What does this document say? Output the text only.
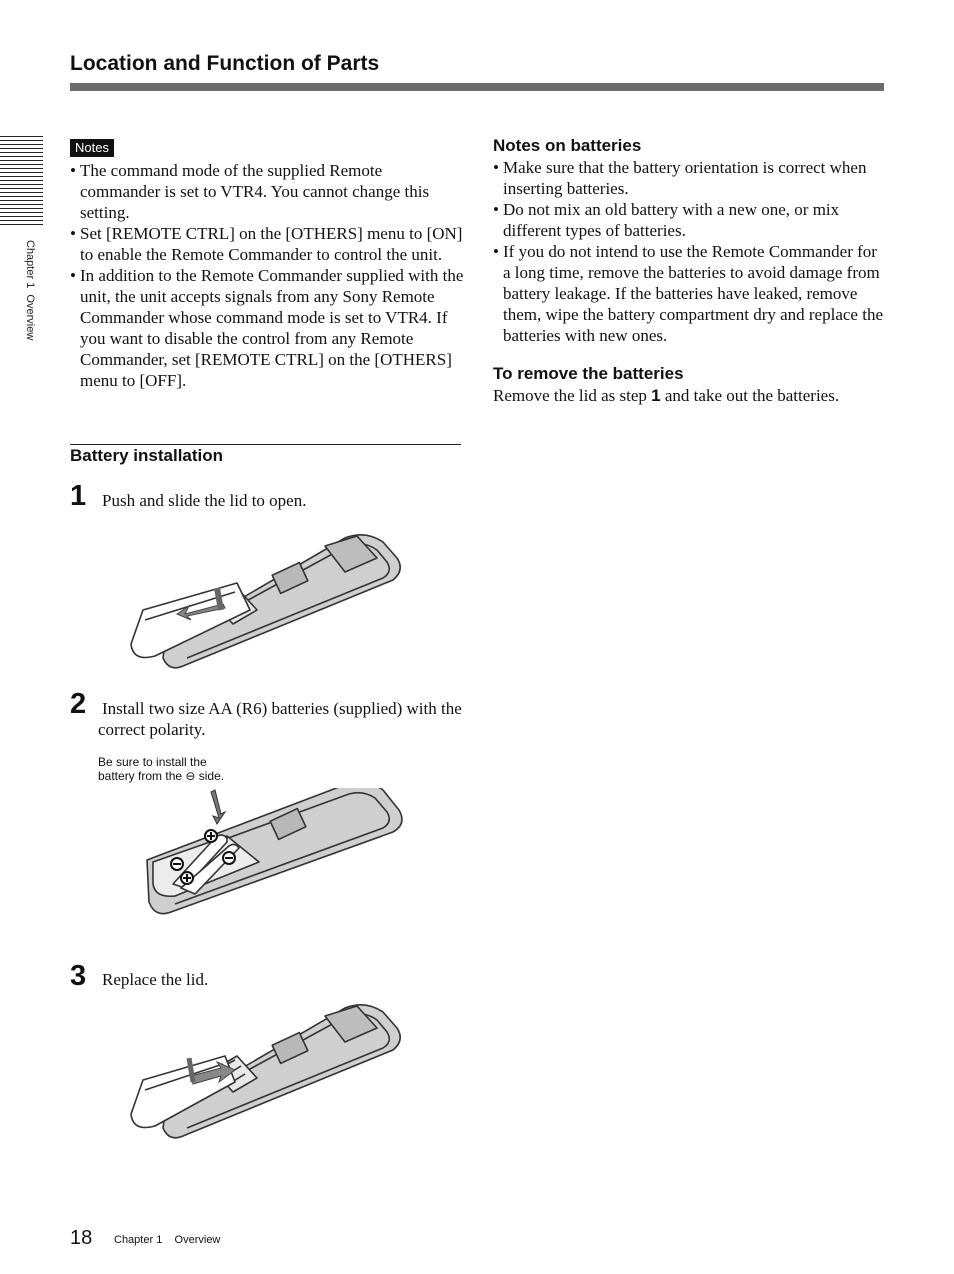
Location and Function of Parts
Chapter 1  Overview
Notes
• The command mode of the supplied Remote commander is set to VTR4. You cannot change this setting.
• Set [REMOTE CTRL] on the [OTHERS] menu to [ON] to enable the Remote Commander to control the unit.
• In addition to the Remote Commander supplied with the unit, the unit accepts signals from any Sony Remote Commander whose command mode is set to VTR4. If you want to disable the control from any Remote Commander, set [REMOTE CTRL] on the [OTHERS] menu to [OFF].
Battery installation
1 Push and slide the lid to open.
2 Install two size AA (R6) batteries (supplied) with the correct polarity.
Be sure to install the
battery from the ⊖ side.
3 Replace the lid.
Notes on batteries
• Make sure that the battery orientation is correct when inserting batteries.
• Do not mix an old battery with a new one, or mix different types of batteries.
• If you do not intend to use the Remote Commander for a long time, remove the batteries to avoid damage from battery leakage. If the batteries have leaked, remove them, wipe the battery compartment dry and replace the batteries with new ones.
To remove the batteries
Remove the lid as step 1 and take out the batteries.
18 Chapter 1    Overview
